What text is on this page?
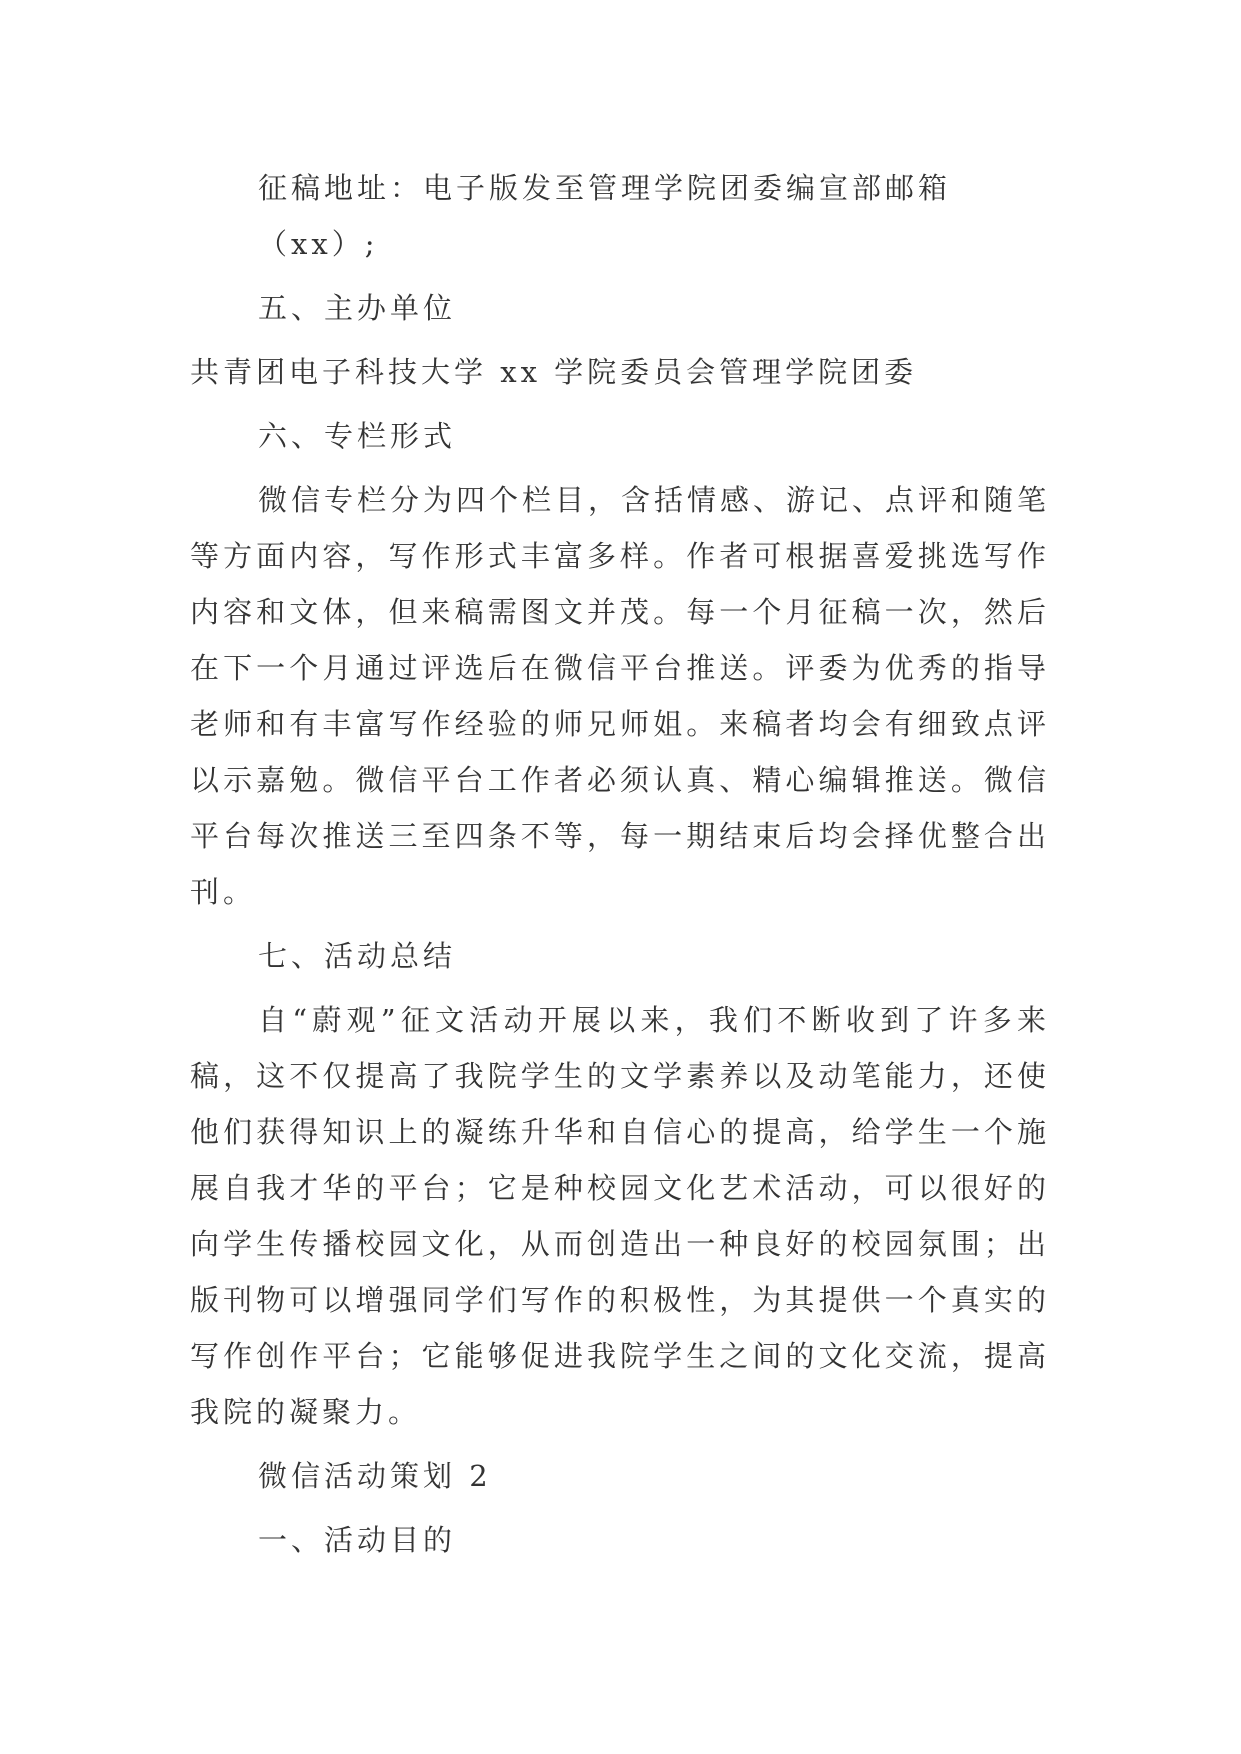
征稿地址：电子版发至管理学院团委编宣部邮箱（xx）;

五、主办单位

共青团电子科技大学 xx 学院委员会管理学院团委

六、专栏形式

微信专栏分为四个栏目，含括情感、游记、点评和随笔等方面内容，写作形式丰富多样。作者可根据喜爱挑选写作内容和文体，但来稿需图文并茂。每一个月征稿一次，然后在下一个月通过评选后在微信平台推送。评委为优秀的指导老师和有丰富写作经验的师兄师姐。来稿者均会有细致点评以示嘉勉。微信平台工作者必须认真、精心编辑推送。微信平台每次推送三至四条不等，每一期结束后均会择优整合出刊。

七、活动总结

自“蔚观”征文活动开展以来，我们不断收到了许多来稿，这不仅提高了我院学生的文学素养以及动笔能力，还使他们获得知识上的凝练升华和自信心的提高，给学生一个施展自我才华的平台；它是种校园文化艺术活动，可以很好的向学生传播校园文化，从而创造出一种良好的校园氛围；出版刊物可以增强同学们写作的积极性，为其提供一个真实的写作创作平台；它能够促进我院学生之间的文化交流，提高我院的凝聚力。

微信活动策划 2

一、活动目的
